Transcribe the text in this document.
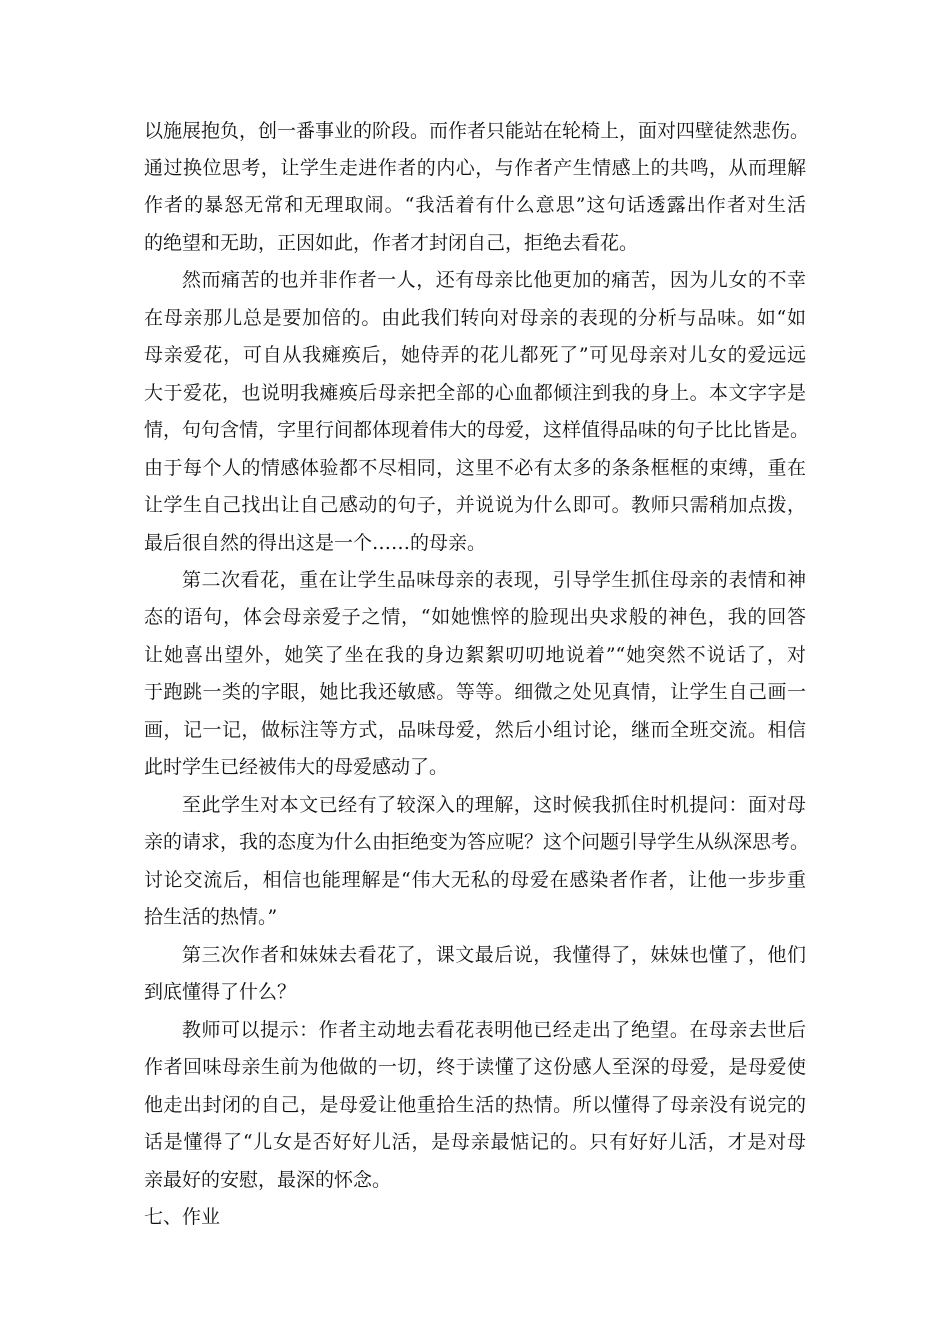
以施展抱负，创一番事业的阶段。而作者只能站在轮椅上，面对四壁徒然悲伤。
通过换位思考，让学生走进作者的内心，与作者产生情感上的共鸣，从而理解
作者的暴怒无常和无理取闹。“我活着有什么意思”这句话透露出作者对生活
的绝望和无助，正因如此，作者才封闭自己，拒绝去看花。
然而痛苦的也并非作者一人，还有母亲比他更加的痛苦，因为儿女的不幸
在母亲那儿总是要加倍的。由此我们转向对母亲的表现的分析与品味。如“如
母亲爱花，可自从我瘫痪后，她侍弄的花儿都死了”可见母亲对儿女的爱远远
大于爱花，也说明我瘫痪后母亲把全部的心血都倾注到我的身上。本文字字是
情，句句含情，字里行间都体现着伟大的母爱，这样值得品味的句子比比皆是。
由于每个人的情感体验都不尽相同，这里不必有太多的条条框框的束缚，重在
让学生自己找出让自己感动的句子，并说说为什么即可。教师只需稍加点拨，
最后很自然的得出这是一个……的母亲。
第二次看花，重在让学生品味母亲的表现，引导学生抓住母亲的表情和神
态的语句，体会母亲爱子之情，“如她憔悴的脸现出央求般的神色，我的回答
让她喜出望外，她笑了坐在我的身边絮絮叨叨地说着”“她突然不说话了，对
于跑跳一类的字眼，她比我还敏感。等等。细微之处见真情，让学生自己画一
画，记一记，做标注等方式，品味母爱，然后小组讨论，继而全班交流。相信
此时学生已经被伟大的母爱感动了。
至此学生对本文已经有了较深入的理解，这时候我抓住时机提问：面对母
亲的请求，我的态度为什么由拒绝变为答应呢？这个问题引导学生从纵深思考。
讨论交流后，相信也能理解是“伟大无私的母爱在感染者作者，让他一步步重
拾生活的热情。”
第三次作者和妹妹去看花了，课文最后说，我懂得了，妹妹也懂了，他们
到底懂得了什么？
教师可以提示：作者主动地去看花表明他已经走出了绝望。在母亲去世后
作者回味母亲生前为他做的一切，终于读懂了这份感人至深的母爱，是母爱使
他走出封闭的自己，是母爱让他重拾生活的热情。所以懂得了母亲没有说完的
话是懂得了“儿女是否好好儿活，是母亲最惦记的。只有好好儿活，才是对母
亲最好的安慰，最深的怀念。
七、作业
